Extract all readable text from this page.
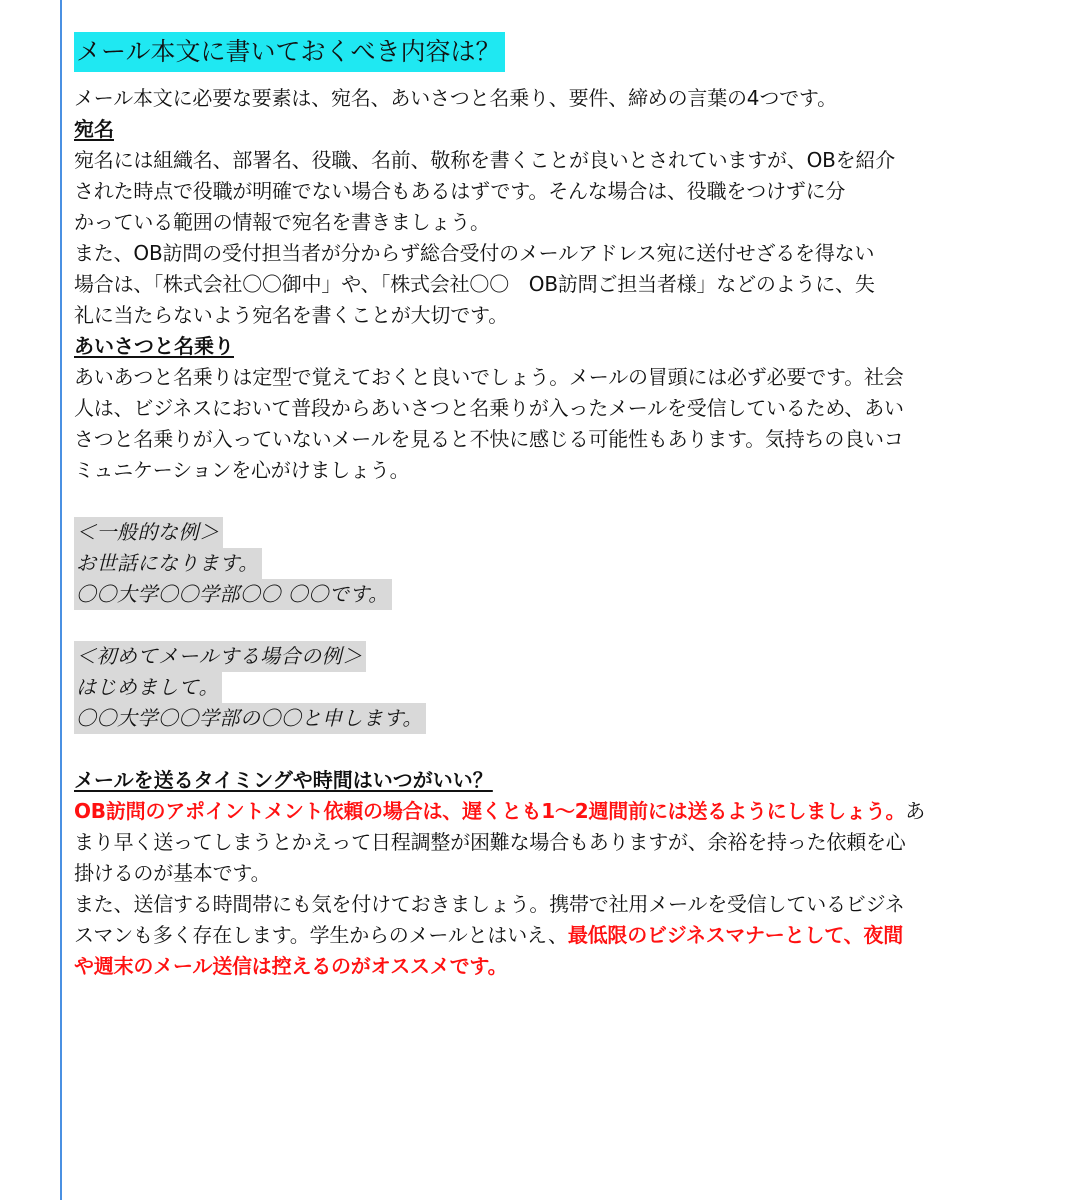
メール本文に書いておくべき内容は？

メール本文に必要な要素は、宛名、あいさつと名乗り、要件、締めの言葉の4つです。

宛名

宛名には組織名、部署名、役職、名前、敬称を書くことが良いとされていますが、OBを紹介

された時点で役職が明確でない場合もあるはずです。そんな場合は、役職をつけずに分

かっている範囲の情報で宛名を書きましょう。

また、OB訪問の受付担当者が分からず総合受付のメールアドレス宛に送付せざるを得ない

場合は、「株式会社〇〇御中」や、「株式会社〇〇　OB訪問ご担当者様」などのように、失

礼に当たらないよう宛名を書くことが大切です。

あいさつと名乗り

あいあつと名乗りは定型で覚えておくと良いでしょう。メールの冒頭には必ず必要です。社会

人は、ビジネスにおいて普段からあいさつと名乗りが入ったメールを受信しているため、あい

さつと名乗りが入っていないメールを見ると不快に感じる可能性もあります。気持ちの良いコ

ミュニケーションを心がけましょう。

＜一般的な例＞

お世話になります。

〇〇大学〇〇学部〇〇 〇〇です。

＜初めてメールする場合の例＞

はじめまして。

〇〇大学〇〇学部の〇〇と申します。

メールを送るタイミングや時間はいつがいい？

OB訪問のアポイントメント依頼の場合は、遅くとも1～2週間前には送るようにしましょう。あ

まり早く送ってしまうとかえって日程調整が困難な場合もありますが、余裕を持った依頼を心

掛けるのが基本です。

また、送信する時間帯にも気を付けておきましょう。携帯で社用メールを受信しているビジネ

スマンも多く存在します。学生からのメールとはいえ、最低限のビジネスマナーとして、夜間

や週末のメール送信は控えるのがオススメです。
